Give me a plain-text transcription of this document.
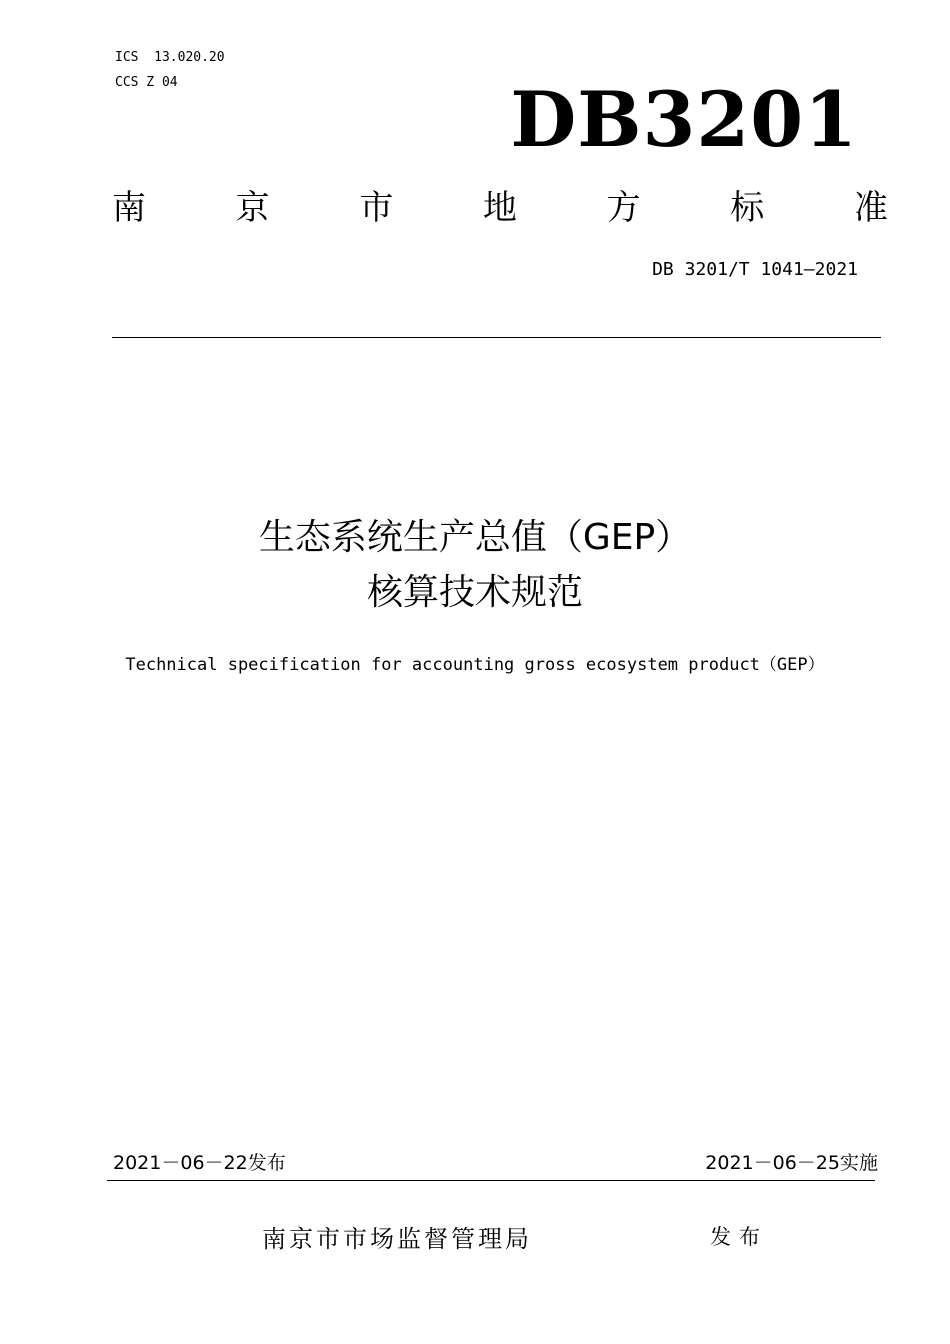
ICS  13.020.20
CCS Z 04	DB3201
南	京	市	地	方	标	准
DB 3201/T 1041—2021
生态系统生产总值（GEP）
核算技术规范
Technical specification for accounting gross ecosystem product（GEP）
2021－06－22发布	2021－06－25实施
南京市市场监督管理局	发布
